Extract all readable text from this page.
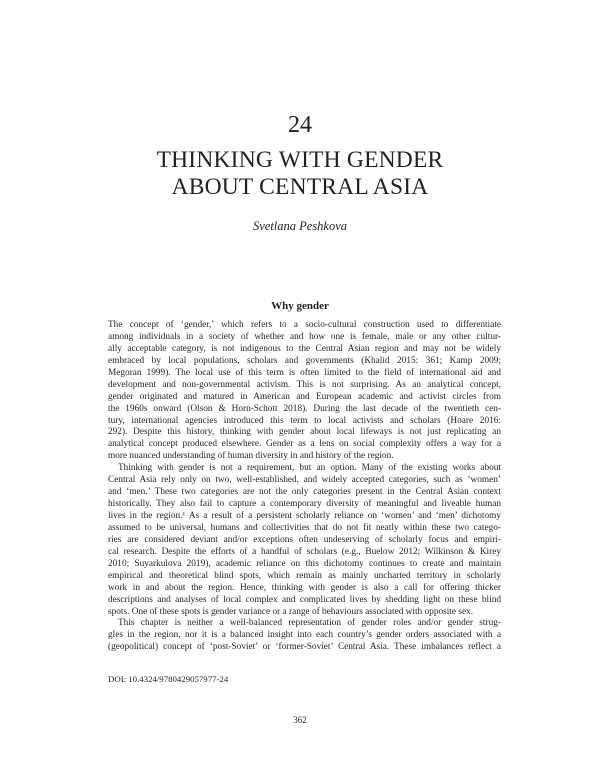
24
THINKING WITH GENDER
ABOUT CENTRAL ASIA
Svetlana Peshkova
Why gender
The concept of ‘gender,’ which refers to a socio-cultural construction used to differentiate
among individuals in a society of whether and how one is female, male or any other cultur-
ally acceptable category, is not indigenous to the Central Asian region and may not be widely
embraced by local populations, scholars and governments (Khalid 2015: 361; Kamp 2009;
Megoran 1999). The local use of this term is often limited to the field of international aid and
development and non-governmental activism. This is not surprising. As an analytical concept,
gender originated and matured in American and European academic and activist circles from
the 1960s onward (Olson & Horn-Schott 2018). During the last decade of the twentieth cen-
tury, international agencies introduced this term to local activists and scholars (Hoare 2016:
292). Despite this history, thinking with gender about local lifeways is not just replicating an
analytical concept produced elsewhere. Gender as a lens on social complexity offers a way for a
more nuanced understanding of human diversity in and history of the region.
Thinking with gender is not a requirement, but an option. Many of the existing works about
Central Asia rely only on two, well-established, and widely accepted categories, such as ‘women’
and ‘men.’ These two categories are not the only categories present in the Central Asian context
historically. They also fail to capture a contemporary diversity of meaningful and liveable human
lives in the region.¹ As a result of a persistent scholarly reliance on ‘women’ and ‘men’ dichotomy
assumed to be universal, humans and collectivities that do not fit neatly within these two catego-
ries are considered deviant and/or exceptions often undeserving of scholarly focus and empiri-
cal research. Despite the efforts of a handful of scholars (e.g., Buelow 2012; Wilkinson & Kirey
2010; Suyarkulova 2019), academic reliance on this dichotomy continues to create and maintain
empirical and theoretical blind spots, which remain as mainly uncharted territory in scholarly
work in and about the region. Hence, thinking with gender is also a call for offering thicker
descriptions and analyses of local complex and complicated lives by shedding light on these blind
spots. One of these spots is gender variance or a range of behaviours associated with opposite sex.
This chapter is neither a well-balanced representation of gender roles and/or gender strug-
gles in the region, nor it is a balanced insight into each country’s gender orders associated with a
(geopolitical) concept of ‘post-Soviet’ or ‘former-Soviet’ Central Asia. These imbalances reflect a
DOI: 10.4324/9780429057977-24
362
